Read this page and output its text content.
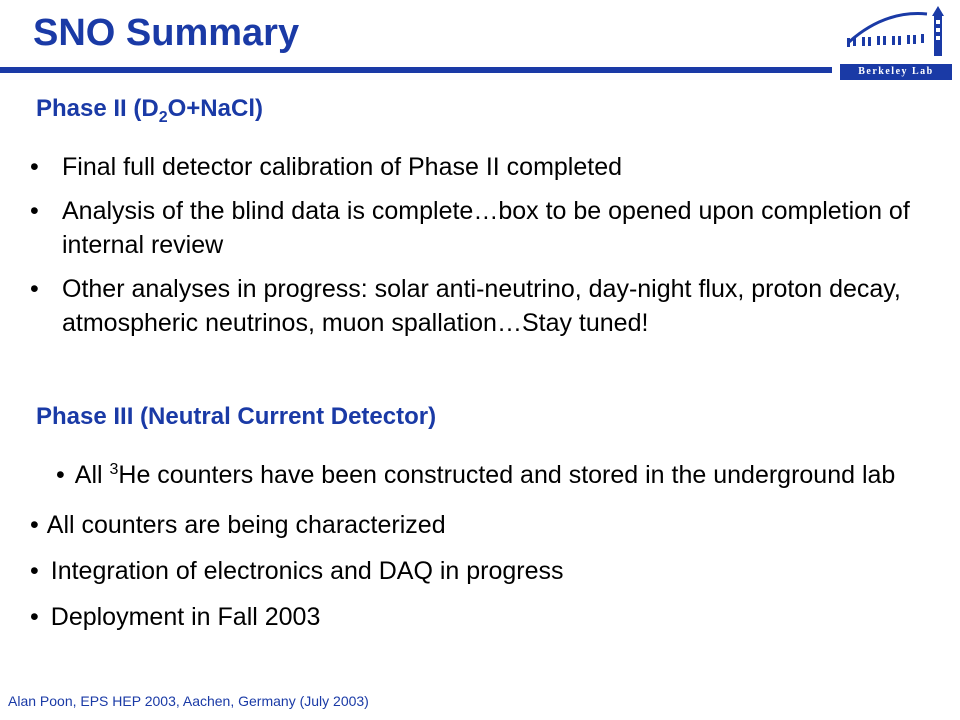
SNO Summary
Berkeley Lab
Phase II $(D_2O+NaCl)$
• Final full detector calibration of Phase II completed
• Analysis of the blind data is complete…box to be opened upon completion of internal review
• Other analyses in progress: solar anti-neutrino, day-night flux, proton decay, atmospheric neutrinos, muon spallation…Stay tuned!
Phase III (Neutral Current Detector)
• All $^3$He counters have been constructed and stored in the underground lab
• All counters are being characterized
• Integration of electronics and DAQ in progress
• Deployment in Fall 2003
Alan Poon, EPS HEP 2003, Aachen, Germany (July 2003)
